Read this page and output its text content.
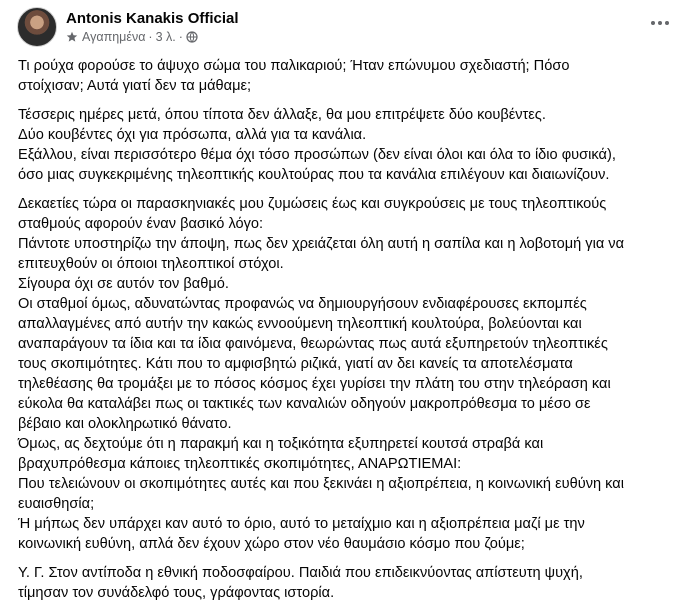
Antonis Kanakis Official
Αγαπημένα · 3 λ. ·

Τι ρούχα φορούσε το άψυχο σώμα του παλικαριού; Ήταν επώνυμου σχεδιαστή; Πόσο
στοίχισαν; Αυτά γιατί δεν τα μάθαμε;

Τέσσερις ημέρες μετά, όπου τίποτα δεν άλλαξε, θα μου επιτρέψετε δύο κουβέντες.
Δύο κουβέντες όχι για πρόσωπα, αλλά για τα κανάλια.
Εξάλλου, είναι περισσότερο θέμα όχι τόσο προσώπων (δεν είναι όλοι και όλα το ίδιο φυσικά),
όσο μιας συγκεκριμένης τηλεοπτικής κουλτούρας που τα κανάλια επιλέγουν και διαιωνίζουν.

Δεκαετίες τώρα οι παρασκηνιακές μου ζυμώσεις έως και συγκρούσεις με τους τηλεοπτικούς
σταθμούς αφορούν έναν βασικό λόγο:
Πάντοτε υποστηρίζω την άποψη, πως δεν χρειάζεται όλη αυτή η σαπίλα και η λοβοτομή για να
επιτευχθούν οι όποιοι τηλεοπτικοί στόχοι.
Σίγουρα όχι σε αυτόν τον βαθμό.
Οι σταθμοί όμως, αδυνατώντας προφανώς να δημιουργήσουν ενδιαφέρουσες εκπομπές
απαλλαγμένες από αυτήν την κακώς εννοούμενη τηλεοπτική κουλτούρα, βολεύονται και
αναπαράγουν τα ίδια και τα ίδια φαινόμενα, θεωρώντας πως αυτά εξυπηρετούν τηλεοπτικές
τους σκοπιμότητες. Κάτι που το αμφισβητώ ριζικά, γιατί αν δει κανείς τα αποτελέσματα
τηλεθέασης θα τρομάξει με το πόσος κόσμος έχει γυρίσει την πλάτη του στην τηλεόραση και
εύκολα θα καταλάβει πως οι τακτικές των καναλιών οδηγούν μακροπρόθεσμα το μέσο σε
βέβαιο και ολοκληρωτικό θάνατο.
Όμως, ας δεχτούμε ότι η παρακμή και η τοξικότητα εξυπηρετεί κουτσά στραβά και
βραχυπρόθεσμα κάποιες τηλεοπτικές σκοπιμότητες, ΑΝΑΡΩΤΙΕΜΑΙ:
Που τελειώνουν οι σκοπιμότητες αυτές και που ξεκινάει η αξιοπρέπεια, η κοινωνική ευθύνη και
ευαισθησία;
Ή μήπως δεν υπάρχει καν αυτό το όριο, αυτό το μεταίχμιο και η αξιοπρέπεια μαζί με την
κοινωνική ευθύνη, απλά δεν έχουν χώρο στον νέο θαυμάσιο κόσμο που ζούμε;

Υ. Γ. Στον αντίποδα η εθνική ποδοσφαίρου. Παιδιά που επιδεικνύοντας απίστευτη ψυχή,
τίμησαν τον συνάδελφό τους, γράφοντας ιστορία.
